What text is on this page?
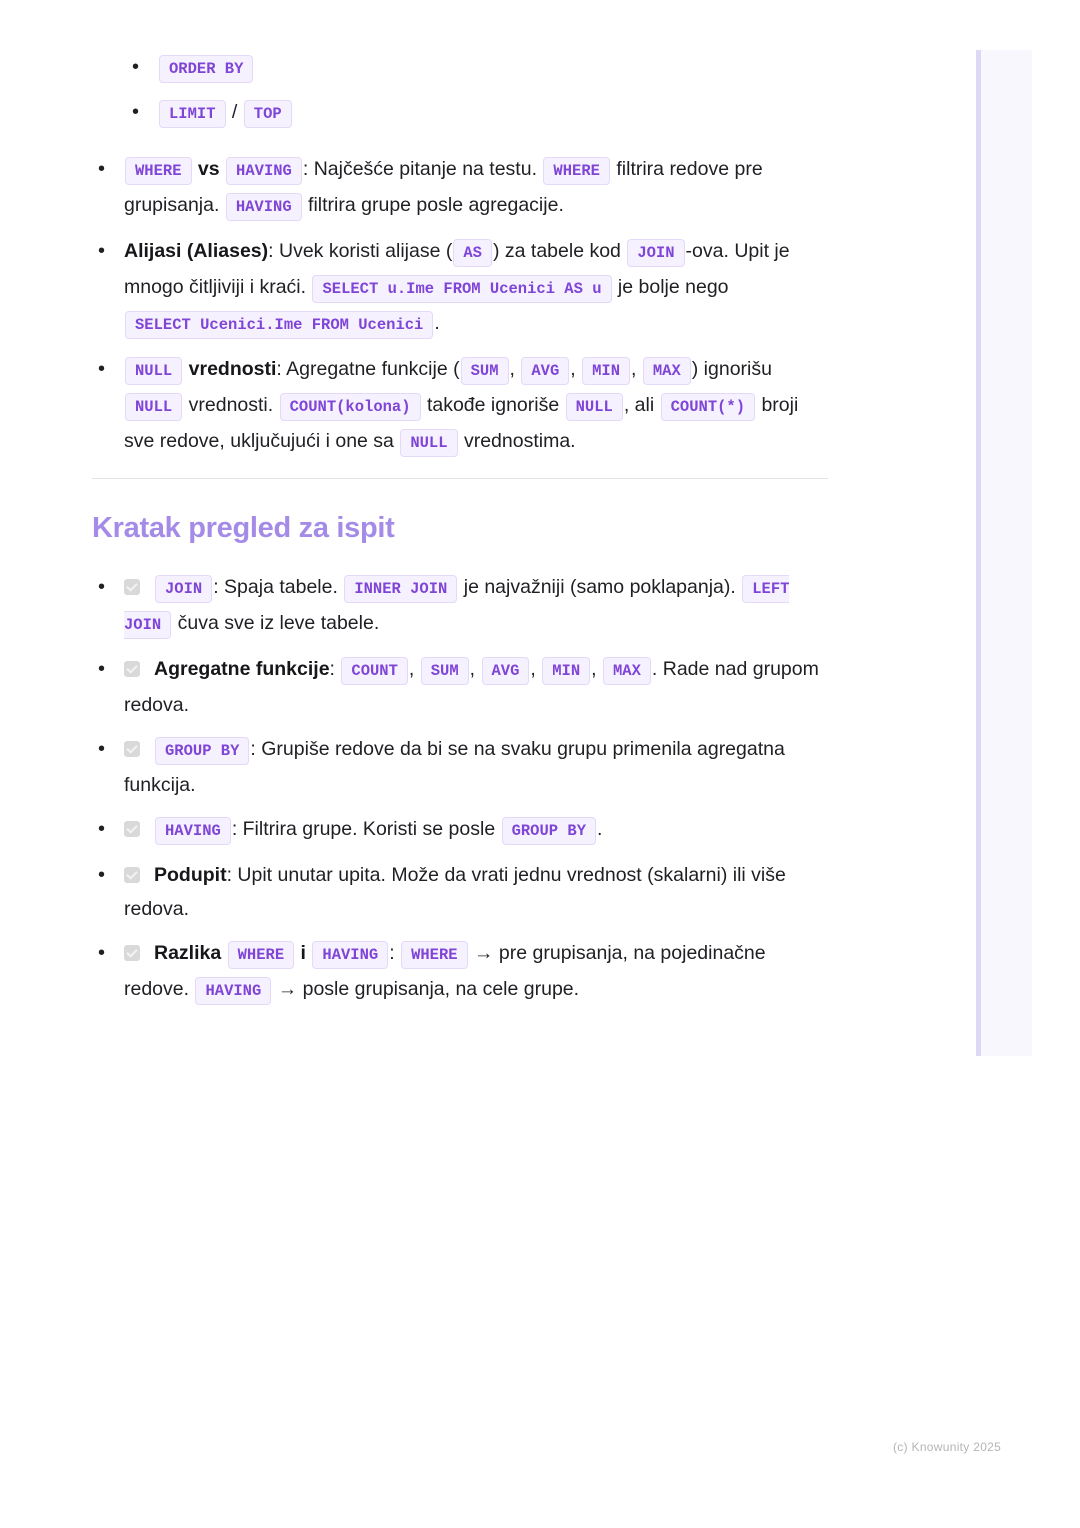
• ORDER BY
• LIMIT / TOP
• WHERE vs HAVING : Najčešće pitanje na testu. WHERE filtrira redove pre grupisanja. HAVING filtrira grupe posle agregacije.
• Alijasi (Aliases): Uvek koristi alijase ( AS ) za tabele kod JOIN -ova. Upit je mnogo čitljiviji i kraći. SELECT u.Ime FROM Ucenici AS u je bolje nego
SELECT Ucenici.Ime FROM Ucenici .
• NULL vrednosti: Agregatne funkcije ( SUM , AVG , MIN , MAX ) ignorišu NULL vrednosti. COUNT(kolona) takođe ignoriše NULL , ali COUNT(*) broji sve redove, uključujući i one sa NULL vrednostima.
Kratak pregled za ispit
•	JOIN : Spaja tabele. INNER JOIN je najvažniji (samo poklapanja). LEFT JOIN čuva sve iz leve tabele.
•	Agregatne funkcije: COUNT , SUM , AVG , MIN , MAX . Rade nad grupom redova.
•	GROUP BY : Grupiše redove da bi se na svaku grupu primenila agregatna funkcija.
•	HAVING : Filtrira grupe. Koristi se posle GROUP BY .
•	Podupit: Upit unutar upita. Može da vrati jednu vrednost (skalarni) ili više redova.
•	Razlika WHERE i HAVING : WHERE → pre grupisanja, na pojedinačne redove. HAVING → posle grupisanja, na cele grupe.
(c) Knowunity 2025
